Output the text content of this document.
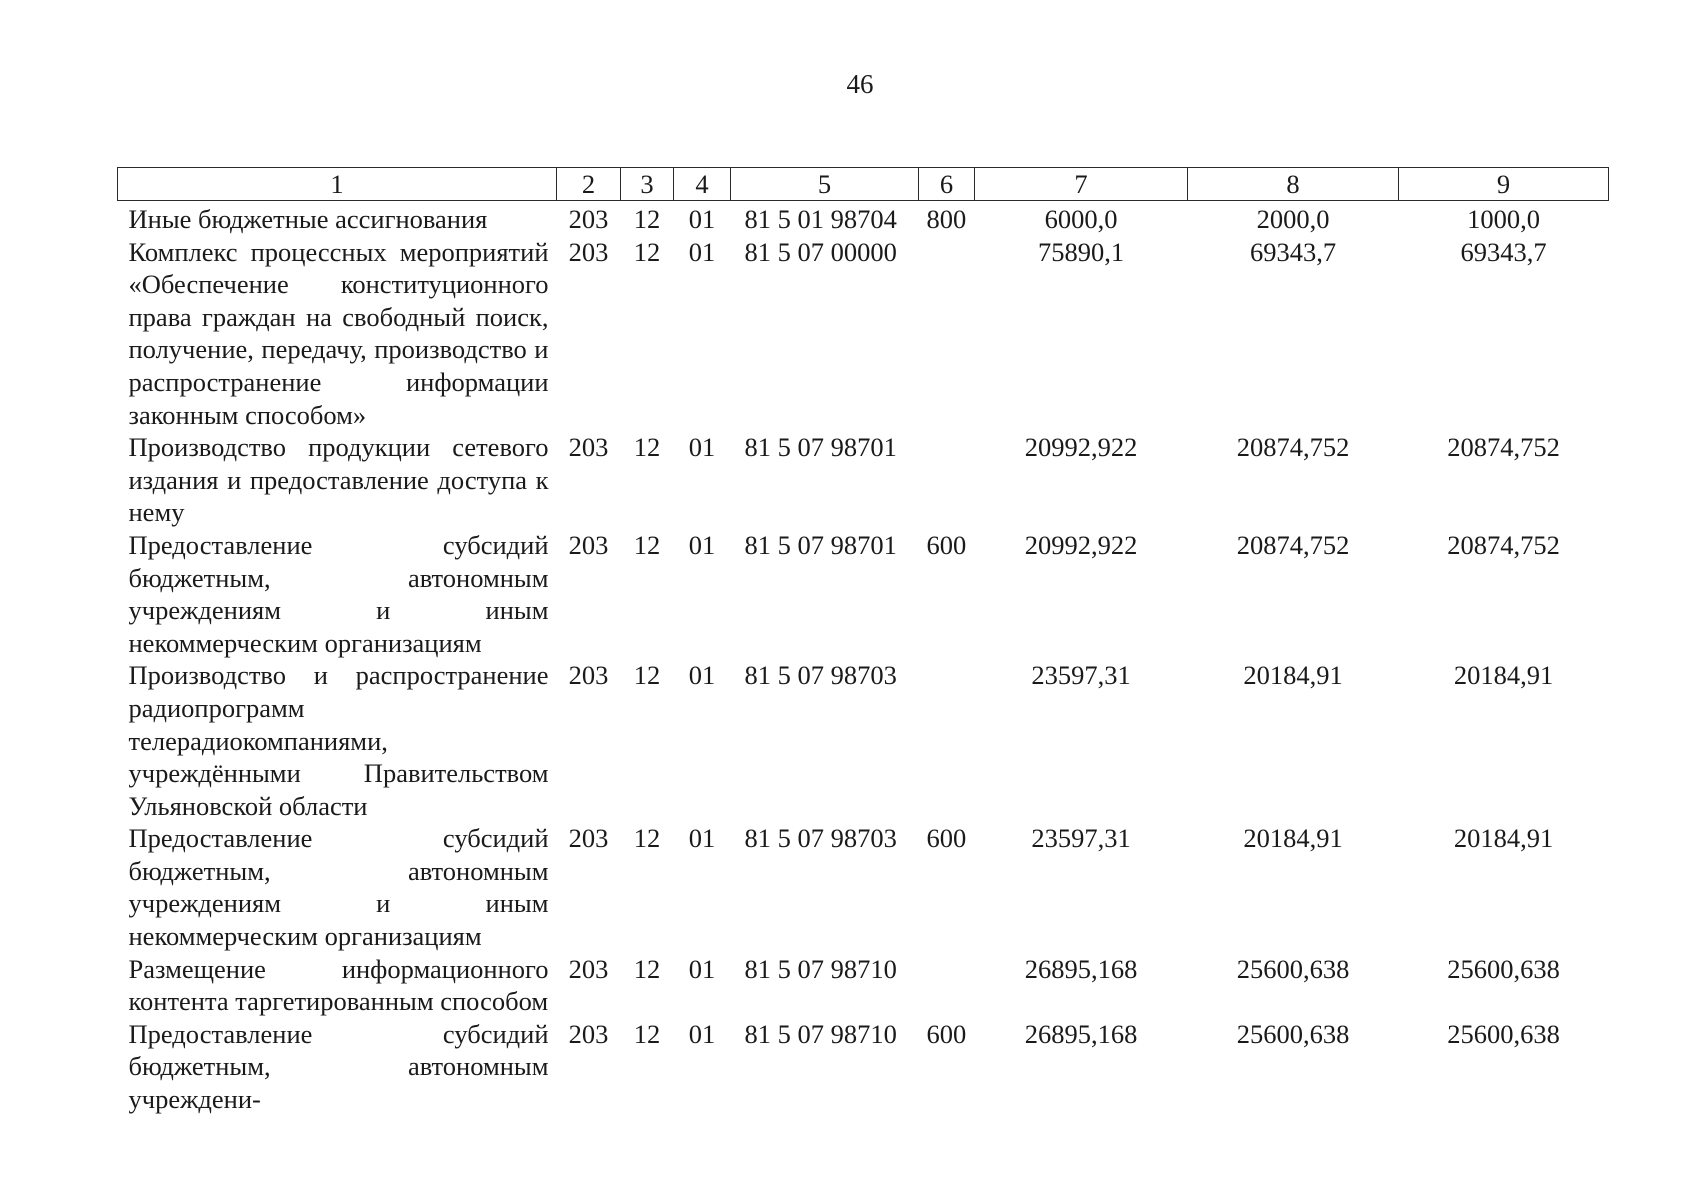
46
1	2	3	4	5	6	7	8	9
Иные бюджетные ассигнования	203	12	01	81 5 01 98704	800	6000,0	2000,0	1000,0
Комплекс процессных мероприятий «Обеспечение конституционного права граждан на свободный поиск, получение, передачу, производство и распространение информации законным способом»	203	12	01	81 5 07 00000		75890,1	69343,7	69343,7
Производство продукции сетевого издания и предоставление доступа к нему	203	12	01	81 5 07 98701		20992,922	20874,752	20874,752
Предоставление субсидий бюджетным, автономным учреждениям и иным некоммерческим организациям	203	12	01	81 5 07 98701	600	20992,922	20874,752	20874,752
Производство и распространение радиопрограмм телерадиокомпаниями, учреждёнными Правительством Ульяновской области	203	12	01	81 5 07 98703		23597,31	20184,91	20184,91
Предоставление субсидий бюджетным, автономным учреждениям и иным некоммерческим организациям	203	12	01	81 5 07 98703	600	23597,31	20184,91	20184,91
Размещение информационного контента таргетированным способом	203	12	01	81 5 07 98710		26895,168	25600,638	25600,638
Предоставление субсидий бюджетным, автономным учреждени-	203	12	01	81 5 07 98710	600	26895,168	25600,638	25600,638
